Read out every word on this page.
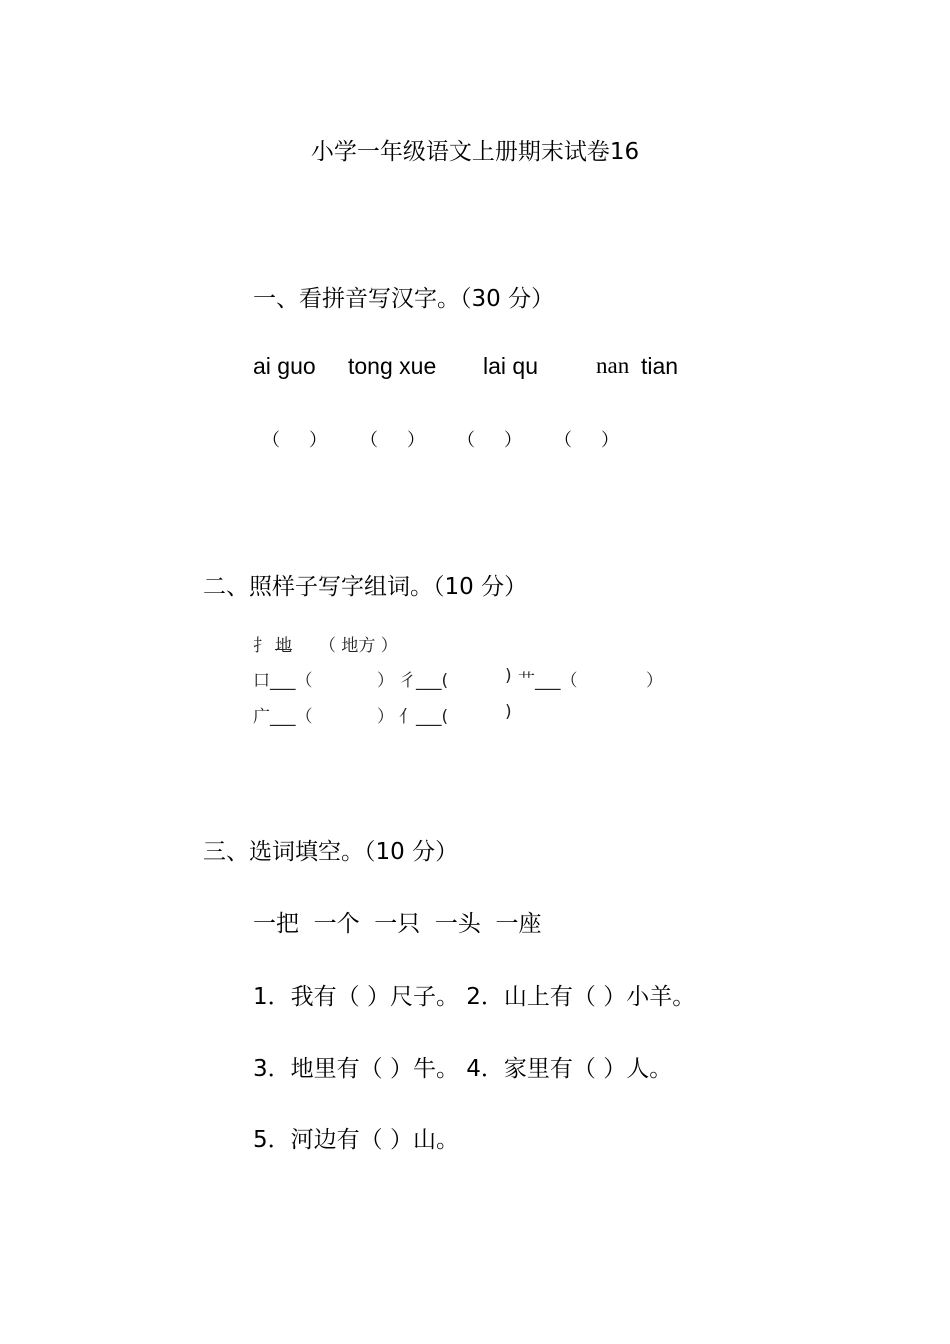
小学一年级语文上册期末试卷16
一、看拼音写汉字。（30 分）
ai guo tong xue lai qu	nan tian
（ ） （ ） （ ） （ ）
二、照样子写字组词。（10 分）
扌 地 （ 地方 ）
口___（	） 彳___(	) 艹___（	）
广___（	） 亻___(	)
三、选词填空。（10 分）
一把  一个  一只  一头  一座
1．我有（ ）尺子。 2．山上有（ ）小羊。
3．地里有（ ）牛。 4．家里有（ ）人。
5．河边有（ ）山。
